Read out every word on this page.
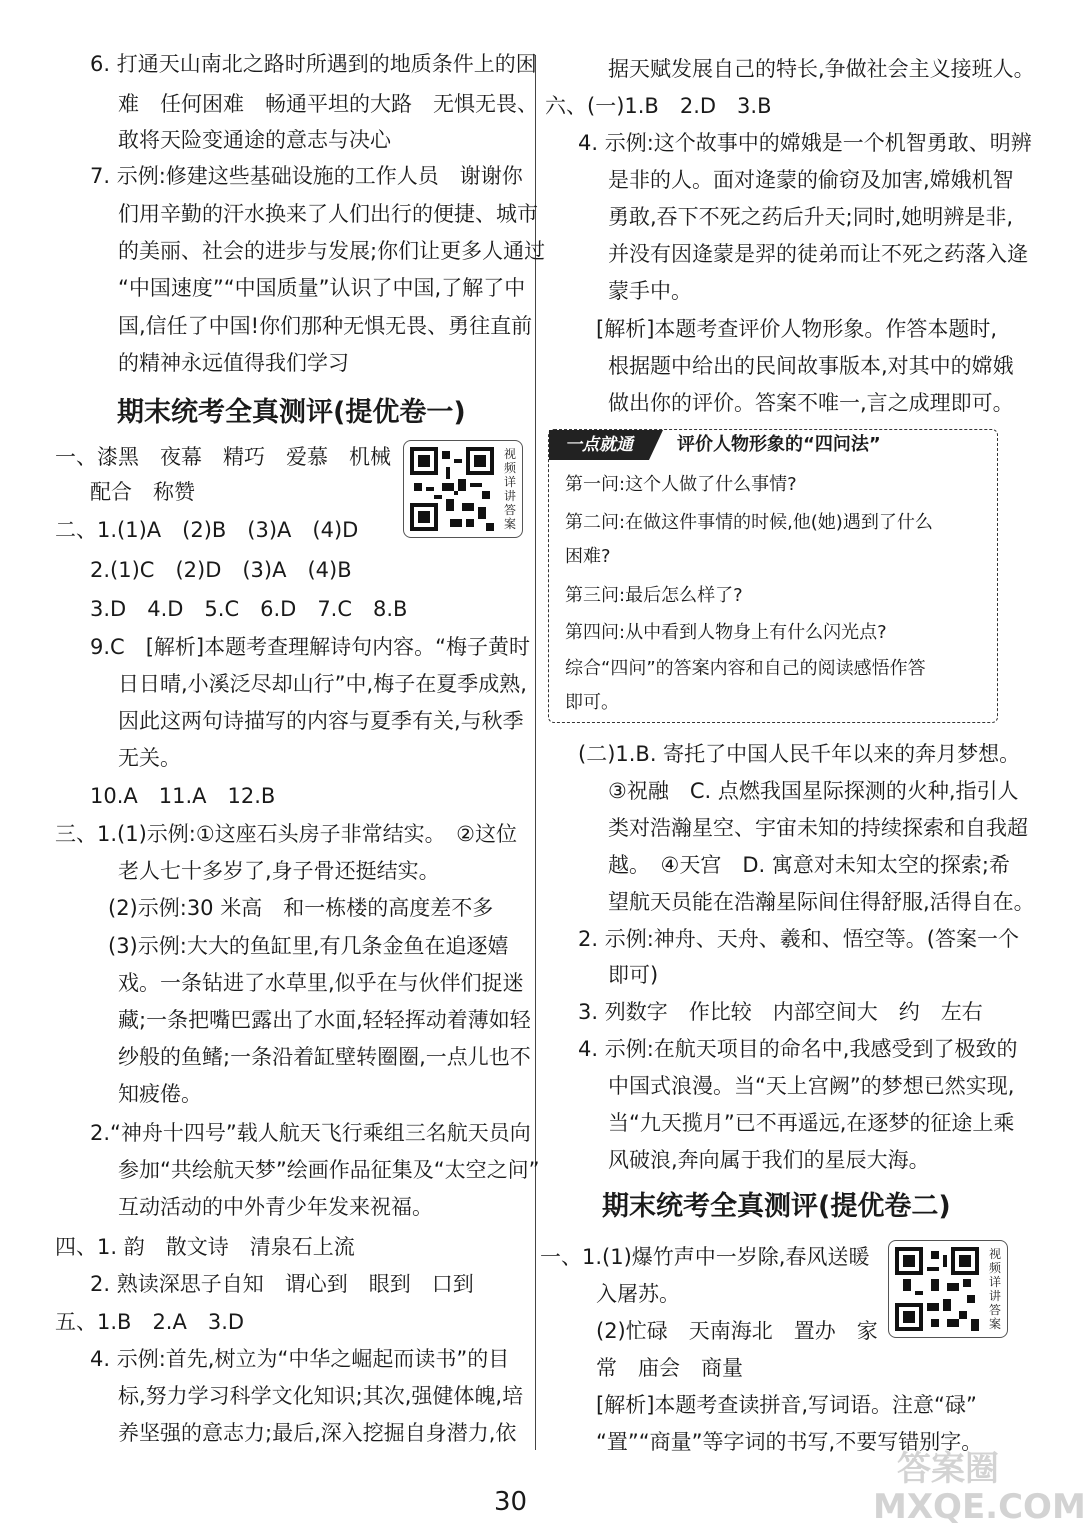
6. 打通天山南北之路时所遇到的地质条件上的困
难　任何困难　畅通平坦的大路　无惧无畏、
敢将天险变通途的意志与决心
7. 示例:修建这些基础设施的工作人员　谢谢你
们用辛勤的汗水换来了人们出行的便捷、城市
的美丽、社会的进步与发展;你们让更多人通过
“中国速度”“中国质量”认识了中国,了解了中
国,信任了中国!你们那种无惧无畏、勇往直前
的精神永远值得我们学习
期末统考全真测评(提优卷一)
视频详讲答案
一、漆黑　夜幕　精巧　爱慕　机械
配合　称赞
二、1.(1)A　(2)B　(3)A　(4)D
2.(1)C　(2)D　(3)A　(4)B
3.D　4.D　5.C　6.D　7.C　8.B
9.C　[解析]本题考查理解诗句内容。“梅子黄时
日日晴,小溪泛尽却山行”中,梅子在夏季成熟,
因此这两句诗描写的内容与夏季有关,与秋季
无关。
10.A　11.A　12.B
三、1.(1)示例:①这座石头房子非常结实。　②这位
老人七十多岁了,身子骨还挺结实。
(2)示例:30 米高　和一栋楼的高度差不多
(3)示例:大大的鱼缸里,有几条金鱼在追逐嬉
戏。一条钻进了水草里,似乎在与伙伴们捉迷
藏;一条把嘴巴露出了水面,轻轻挥动着薄如轻
纱般的鱼鳍;一条沿着缸壁转圈圈,一点儿也不
知疲倦。
2.“神舟十四号”载人航天飞行乘组三名航天员向
参加“共绘航天梦”绘画作品征集及“太空之问”
互动活动的中外青少年发来祝福。
四、1. 韵　散文诗　清泉石上流
2. 熟读深思子自知　谓心到　眼到　口到
五、1.B　2.A　3.D
4. 示例:首先,树立为“中华之崛起而读书”的目
标,努力学习科学文化知识;其次,强健体魄,培
养坚强的意志力;最后,深入挖掘自身潜力,依
据天赋发展自己的特长,争做社会主义接班人。
六、(一)1.B　2.D　3.B
4. 示例:这个故事中的嫦娥是一个机智勇敢、明辨
是非的人。面对逄蒙的偷窃及加害,嫦娥机智
勇敢,吞下不死之药后升天;同时,她明辨是非,
并没有因逄蒙是羿的徒弟而让不死之药落入逄
蒙手中。
[解析]本题考查评价人物形象。作答本题时,
根据题中给出的民间故事版本,对其中的嫦娥
做出你的评价。答案不唯一,言之成理即可。
一点就通	评价人物形象的“四问法”
第一问:这个人做了什么事情?
第二问:在做这件事情的时候,他(她)遇到了什么
困难?
第三问:最后怎么样了?
第四问:从中看到人物身上有什么闪光点?
综合“四问”的答案内容和自己的阅读感悟作答
即可。
(二)1.B. 寄托了中国人民千年以来的奔月梦想。
③祝融　C. 点燃我国星际探测的火种,指引人
类对浩瀚星空、宇宙未知的持续探索和自我超
越。　④天宫　D. 寓意对未知太空的探索;希
望航天员能在浩瀚星际间住得舒服,活得自在。
2. 示例:神舟、天舟、羲和、悟空等。(答案一个
即可)
3. 列数字　作比较　内部空间大　约　左右
4. 示例:在航天项目的命名中,我感受到了极致的
中国式浪漫。当“天上宫阙”的梦想已然实现,
当“九天揽月”已不再遥远,在逐梦的征途上乘
风破浪,奔向属于我们的星辰大海。
期末统考全真测评(提优卷二)
视频详讲答案
一、1.(1)爆竹声中一岁除,春风送暖
入屠苏。
(2)忙碌　天南海北　置办　家
常　庙会　商量
[解析]本题考查读拼音,写词语。注意“碌”
“置”“商量”等字词的书写,不要写错别字。
30
答案圈 MXQE.COM
